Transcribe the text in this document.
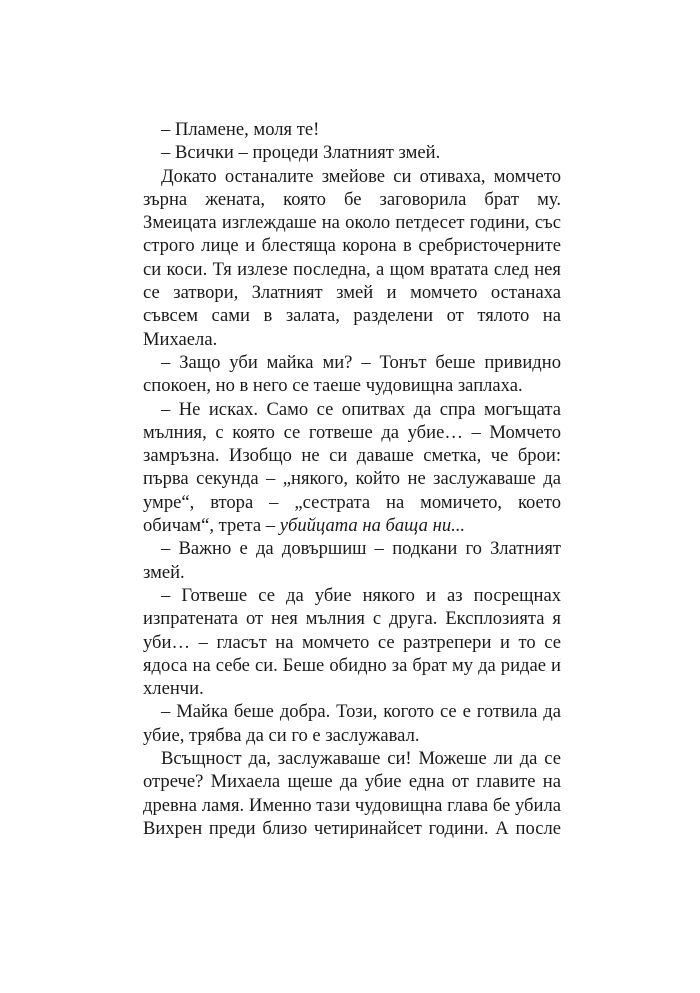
– Пламене, моля те!

– Всички – процеди Златният змей.

Докато останалите змейове си отиваха, момчето
зърна жената, която бе заговорила брат му.
Змеицата изглеждаше на около петдесет години, със
строго лице и блестяща корона в сребристочерните
си коси. Тя излезе последна, а щом вратата след нея
се затвори, Златният змей и момчето останаха
съвсем сами в залата, разделени от тялото на
Михаела.

– Защо уби майка ми? – Тонът беше привидно
спокоен, но в него се таеше чудовищна заплаха.

– Не исках. Само се опитвах да спра могъщата
мълния, с която се готвеше да убие… – Момчето
замръзна. Изобщо не си даваше сметка, че брои:
първа секунда – „някого, който не заслужаваше да
умре“, втора – „сестрата на момичето, което
обичам“, трета – убийцата на баща ни...

– Важно е да довършиш – подкани го Златният
змей.

– Готвеше се да убие някого и аз посрещнах
изпратената от нея мълния с друга. Експлозията я
уби… – гласът на момчето се разтрепери и то се
ядоса на себе си. Беше обидно за брат му да ридае и
хленчи.

– Майка беше добра. Този, когото се е готвила да
убие, трябва да си го е заслужавал.

Всъщност да, заслужаваше си! Можеше ли да се
отрече? Михаела щеше да убие една от главите на
древна ламя. Именно тази чудовищна глава бе убила
Вихрен преди близо четиринайсет години. А после
